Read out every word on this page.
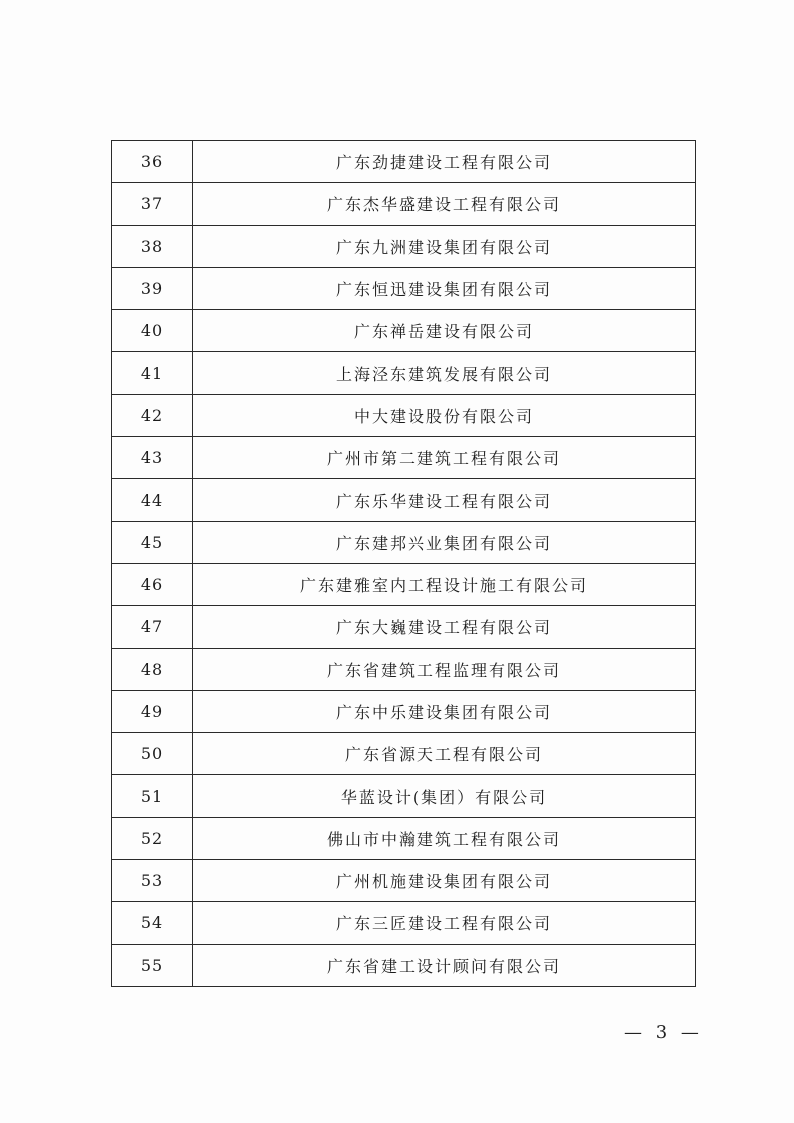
36	广东劲捷建设工程有限公司
37	广东杰华盛建设工程有限公司
38	广东九洲建设集团有限公司
39	广东恒迅建设集团有限公司
40	广东禅岳建设有限公司
41	上海泾东建筑发展有限公司
42	中大建设股份有限公司
43	广州市第二建筑工程有限公司
44	广东乐华建设工程有限公司
45	广东建邦兴业集团有限公司
46	广东建雅室内工程设计施工有限公司
47	广东大巍建设工程有限公司
48	广东省建筑工程监理有限公司
49	广东中乐建设集团有限公司
50	广东省源天工程有限公司
51	华蓝设计(集团）有限公司
52	佛山市中瀚建筑工程有限公司
53	广州机施建设集团有限公司
54	广东三匠建设工程有限公司
55	广东省建工设计顾问有限公司
— 3 —
